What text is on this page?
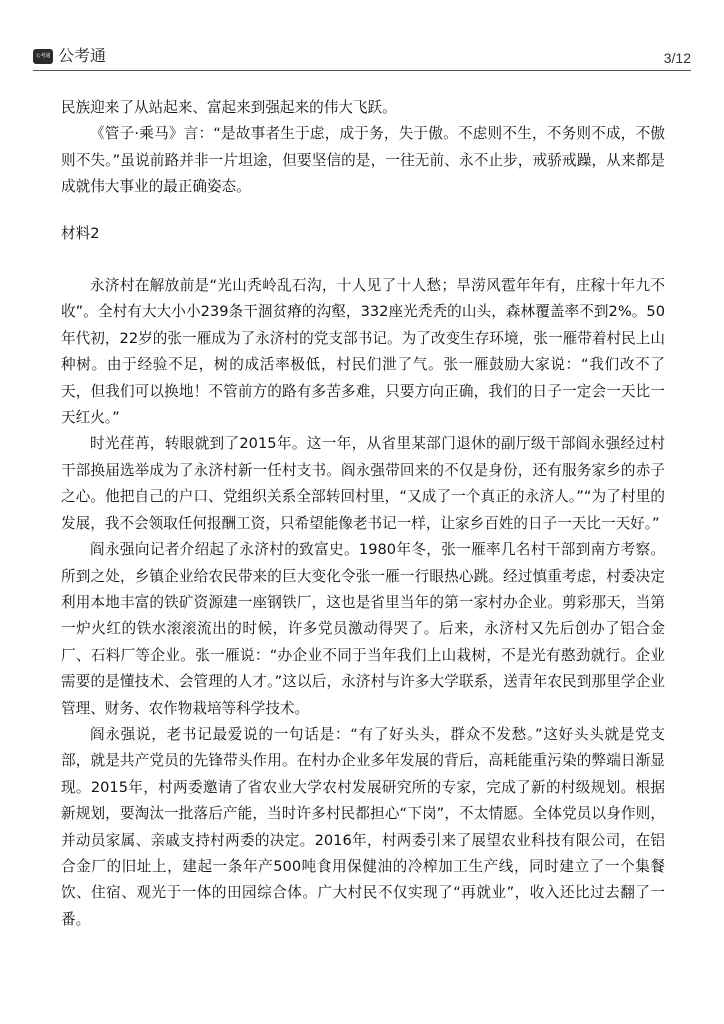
公考通 公考通	3/12

民族迎来了从站起来、富起来到强起来的伟大飞跃。

《管子·乘马》言：“是故事者生于虑，成于务，失于傲。不虑则不生，不务则不成，不傲则不失。”虽说前路并非一片坦途，但要坚信的是，一往无前、永不止步，戒骄戒躁，从来都是成就伟大事业的最正确姿态。

材料2

永济村在解放前是“光山秃岭乱石沟，十人见了十人愁；旱涝风雹年年有，庄稼十年九不收”。全村有大大小小239条干涸贫瘠的沟壑，332座光秃秃的山头，森林覆盖率不到2%。50年代初，22岁的张一雁成为了永济村的党支部书记。为了改变生存环境，张一雁带着村民上山种树。由于经验不足，树的成活率极低，村民们泄了气。张一雁鼓励大家说：“我们改不了天，但我们可以换地！不管前方的路有多苦多难，只要方向正确，我们的日子一定会一天比一天红火。”

时光荏苒，转眼就到了2015年。这一年，从省里某部门退休的副厅级干部阎永强经过村干部换届选举成为了永济村新一任村支书。阎永强带回来的不仅是身份，还有服务家乡的赤子之心。他把自己的户口、党组织关系全部转回村里，“又成了一个真正的永济人。”“为了村里的发展，我不会领取任何报酬工资，只希望能像老书记一样，让家乡百姓的日子一天比一天好。”

阎永强向记者介绍起了永济村的致富史。1980年冬，张一雁率几名村干部到南方考察。所到之处，乡镇企业给农民带来的巨大变化令张一雁一行眼热心跳。经过慎重考虑，村委决定利用本地丰富的铁矿资源建一座钢铁厂，这也是省里当年的第一家村办企业。剪彩那天，当第一炉火红的铁水滚滚流出的时候，许多党员激动得哭了。后来，永济村又先后创办了铝合金厂、石料厂等企业。张一雁说：“办企业不同于当年我们上山栽树，不是光有憨劲就行。企业需要的是懂技术、会管理的人才。”这以后，永济村与许多大学联系，送青年农民到那里学企业管理、财务、农作物栽培等科学技术。

阎永强说，老书记最爱说的一句话是：“有了好头头，群众不发愁。”这好头头就是党支部，就是共产党员的先锋带头作用。在村办企业多年发展的背后，高耗能重污染的弊端日渐显现。2015年，村两委邀请了省农业大学农村发展研究所的专家，完成了新的村级规划。根据新规划，要淘汰一批落后产能，当时许多村民都担心“下岗”，不太情愿。全体党员以身作则，并动员家属、亲戚支持村两委的决定。2016年，村两委引来了展望农业科技有限公司，在铝合金厂的旧址上，建起一条年产500吨食用保健油的冷榨加工生产线，同时建立了一个集餐饮、住宿、观光于一体的田园综合体。广大村民不仅实现了“再就业”，收入还比过去翻了一番。
